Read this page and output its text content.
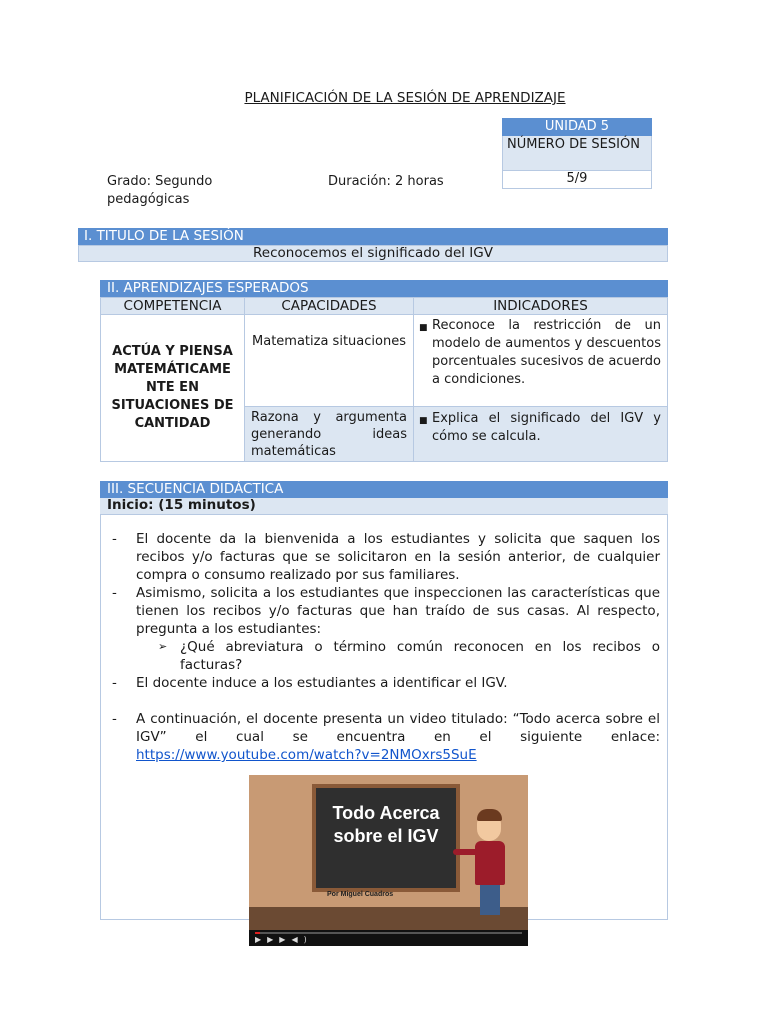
PLANIFICACIÓN DE LA SESIÓN DE APRENDIZAJE
UNIDAD 5
NÚMERO DE SESIÓN
5/9
Grado: Segundo pedagógicas
Duración: 2 horas
I. TITULO DE LA SESIÓN
Reconocemos el significado del IGV
II. APRENDIZAJES ESPERADOS
COMPETENCIA	CAPACIDADES	INDICADORES
ACTÚA Y PIENSA MATEMÁTICAME NTE EN SITUACIONES DE CANTIDAD	Matematiza situaciones	■ Reconoce la restricción de un modelo de aumentos y descuentos porcentuales sucesivos de acuerdo a condiciones.

	Razona y argumenta generando ideas matemáticas	■ Explica el significado del IGV y cómo se calcula.
III. SECUENCIA DIDÁCTICA
Inicio: (15 minutos)
- El docente da la bienvenida a los estudiantes y solicita que saquen los recibos y/o facturas que se solicitaron en la sesión anterior, de cualquier compra o consumo realizado por sus familiares.
- Asimismo, solicita a los estudiantes que inspeccionen las características que tienen los recibos y/o facturas que han traído de sus casas. Al respecto, pregunta a los estudiantes:
➢ ¿Qué abreviatura o término común reconocen en los recibos o facturas?
- El docente induce a los estudiantes a identificar el IGV.
- A continuación, el docente presenta un video titulado: “Todo acerca sobre el IGV” el cual se encuentra en el siguiente enlace: https://www.youtube.com/watch?v=2NMOxrs5SuE
Todo Acerca sobre el IGV
Por Miguel Cuadros
▶▶▶◀)
